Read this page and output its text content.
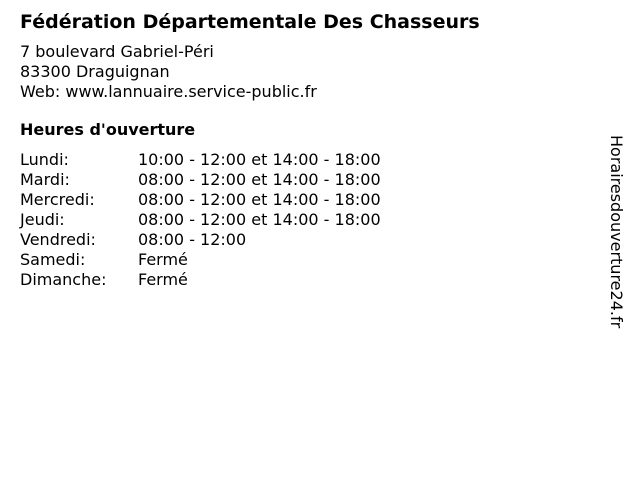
Fédération Départementale Des Chasseurs
7 boulevard Gabriel-Péri
83300 Draguignan
Web: www.lannuaire.service-public.fr
Heures d'ouverture
Lundi:	10:00 - 12:00 et 14:00 - 18:00
Mardi:	08:00 - 12:00 et 14:00 - 18:00
Mercredi:	08:00 - 12:00 et 14:00 - 18:00
Jeudi:	08:00 - 12:00 et 14:00 - 18:00
Vendredi:	08:00 - 12:00
Samedi:	Fermé
Dimanche:	Fermé	Horairesdouverture24.fr
